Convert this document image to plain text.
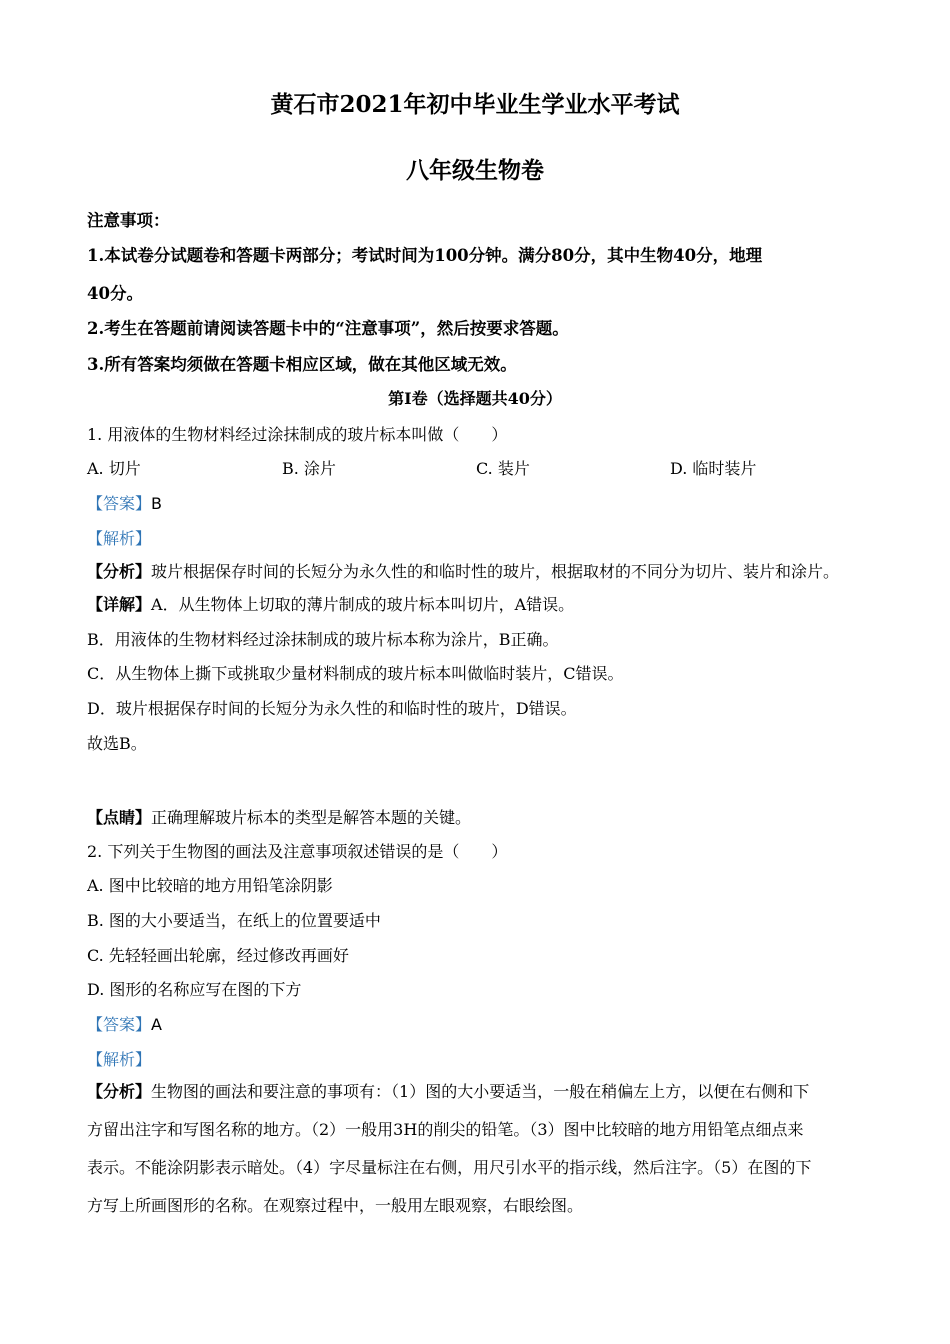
黄石市2021年初中毕业生学业水平考试
八年级生物卷
注意事项：
1.本试卷分试题卷和答题卡两部分；考试时间为100分钟。满分80分，其中生物40分，地理
40分。
2.考生在答题前请阅读答题卡中的“注意事项”，然后按要求答题。
3.所有答案均须做在答题卡相应区域，做在其他区域无效。
第Ⅰ卷（选择题共40分）
1. 用液体的生物材料经过涂抹制成的玻片标本叫做（　　）
A. 切片	B. 涂片	C. 装片	D. 临时装片
【答案】B
【解析】
【分析】玻片根据保存时间的长短分为永久性的和临时性的玻片，根据取材的不同分为切片、装片和涂片。
【详解】A．从生物体上切取的薄片制成的玻片标本叫切片，A错误。
B．用液体的生物材料经过涂抹制成的玻片标本称为涂片，B正确。
C．从生物体上撕下或挑取少量材料制成的玻片标本叫做临时装片，C错误。
D．玻片根据保存时间的长短分为永久性的和临时性的玻片，D错误。
故选B。
【点睛】正确理解玻片标本的类型是解答本题的关键。
2. 下列关于生物图的画法及注意事项叙述错误的是（　　）
A. 图中比较暗的地方用铅笔涂阴影
B. 图的大小要适当，在纸上的位置要适中
C. 先轻轻画出轮廓，经过修改再画好
D. 图形的名称应写在图的下方
【答案】A
【解析】
【分析】生物图的画法和要注意的事项有：（1）图的大小要适当，一般在稍偏左上方，以便在右侧和下
方留出注字和写图名称的地方。（2）一般用3H的削尖的铅笔。（3）图中比较暗的地方用铅笔点细点来
表示。不能涂阴影表示暗处。（4）字尽量标注在右侧，用尺引水平的指示线，然后注字。（5）在图的下
方写上所画图形的名称。在观察过程中，一般用左眼观察，右眼绘图。
